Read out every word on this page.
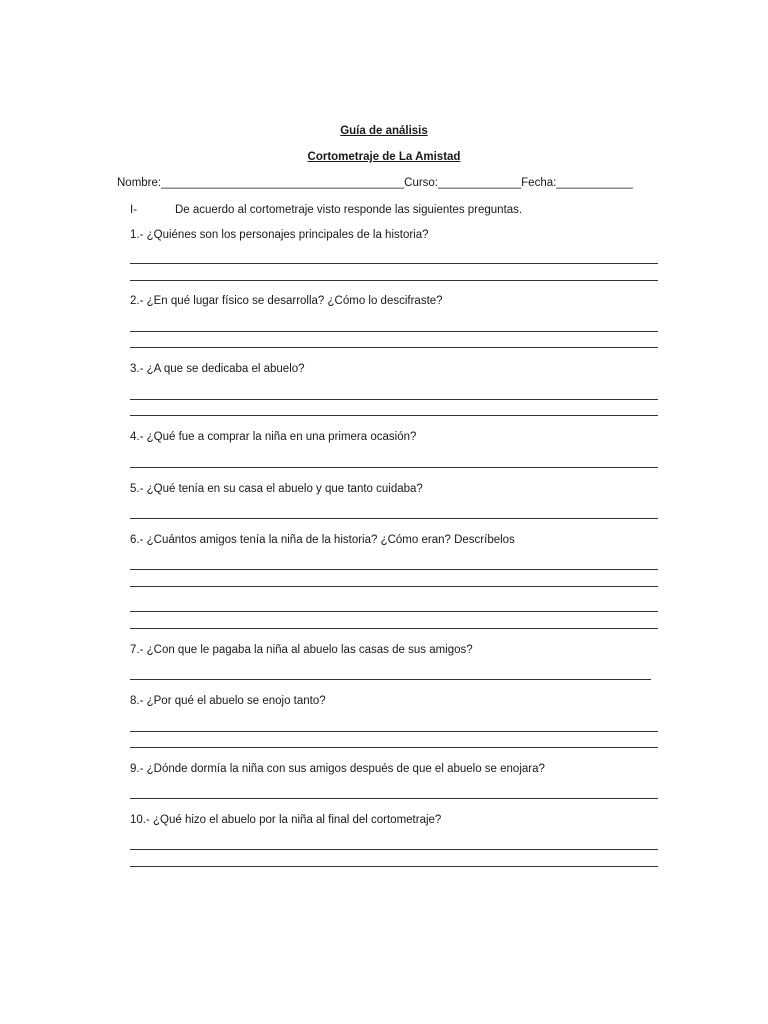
Guía de análisis
Cortometraje de La Amistad
Nombre:______________________________________Curso:_____________Fecha:____________
I-	De acuerdo al cortometraje visto responde las siguientes preguntas.
1.- ¿Quiénes son los personajes principales de la historia?
2.- ¿En qué lugar físico se desarrolla? ¿Cómo lo descifraste?
3.- ¿A que se dedicaba el abuelo?
4.- ¿Qué fue a comprar la niña en una primera ocasión?
5.- ¿Qué tenía en su casa el abuelo y que tanto cuidaba?
6.- ¿Cuántos amigos tenía la niña de la historia? ¿Cómo eran? Descríbelos
7.- ¿Con que le pagaba la niña al abuelo las casas de sus amigos?
8.- ¿Por qué el abuelo se enojo tanto?
9.- ¿Dónde dormía la niña con sus amigos después de que el abuelo se enojara?
10.- ¿Qué hizo el abuelo por la niña al final del cortometraje?
